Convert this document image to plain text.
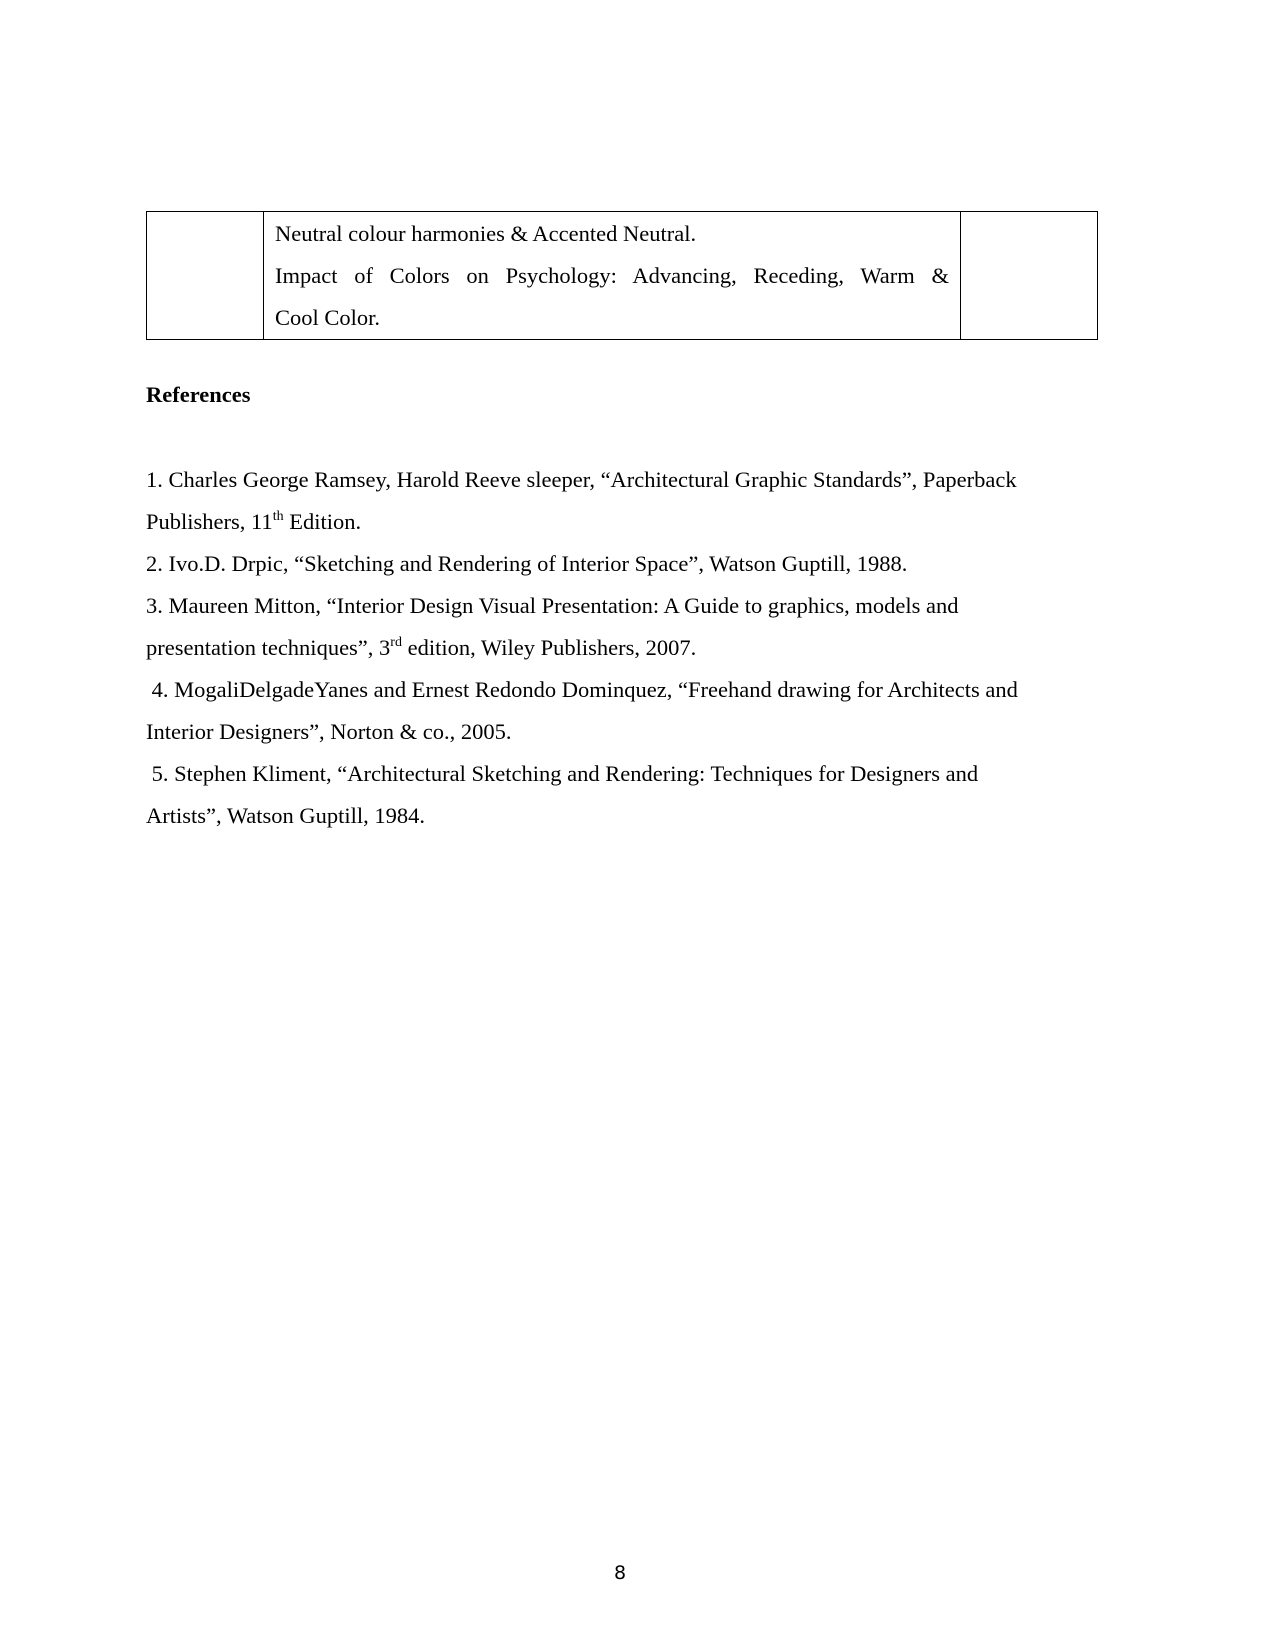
Neutral colour harmonies & Accented Neutral.
Impact of Colors on Psychology: Advancing, Receding, Warm &
Cool Color.

References
1. Charles George Ramsey, Harold Reeve sleeper, “Architectural Graphic Standards”, Paperback
Publishers, 11th Edition.
2. Ivo.D. Drpic, “Sketching and Rendering of Interior Space”, Watson Guptill, 1988.
3. Maureen Mitton, “Interior Design Visual Presentation: A Guide to graphics, models and
presentation techniques”, 3rd edition, Wiley Publishers, 2007.
4. MogaliDelgadeYanes and Ernest Redondo Dominquez, “Freehand drawing for Architects and
Interior Designers”, Norton & co., 2005.
5. Stephen Kliment, “Architectural Sketching and Rendering: Techniques for Designers and
Artists”, Watson Guptill, 1984.
8
